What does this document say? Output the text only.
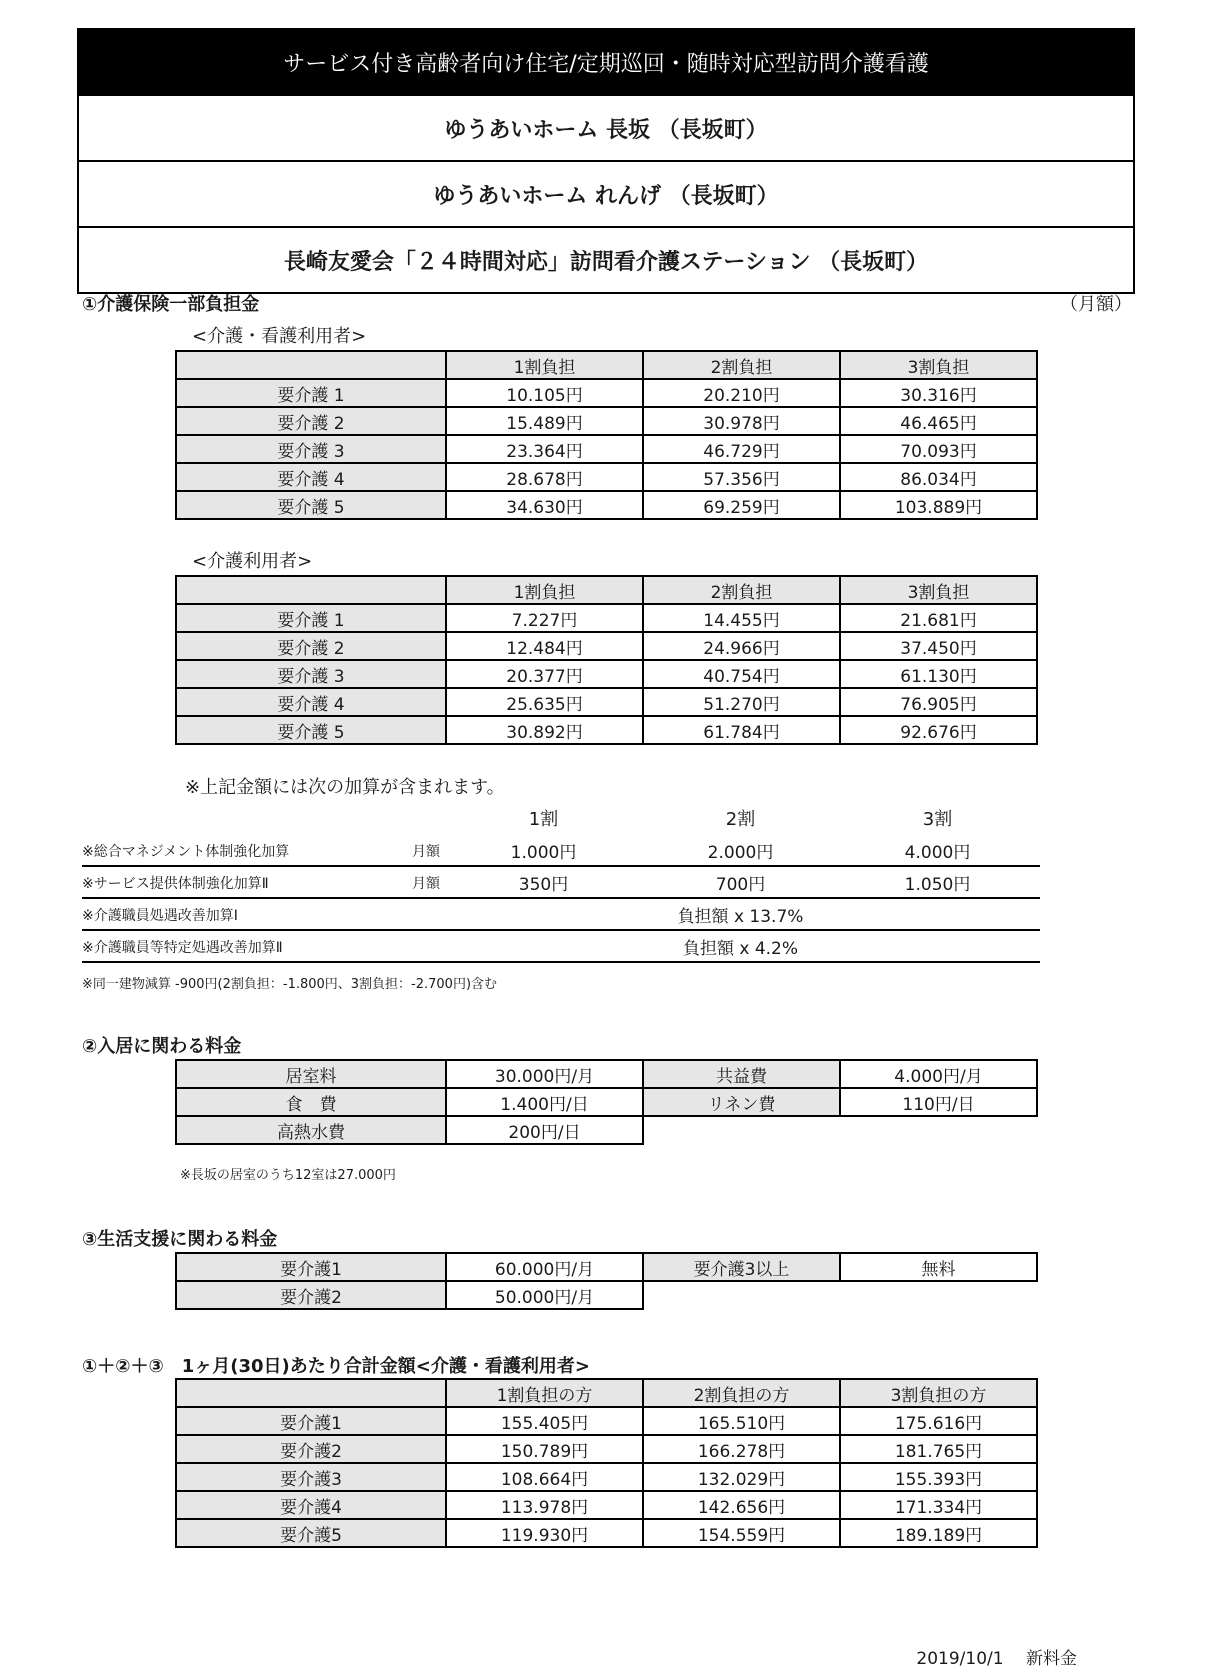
サービス付き高齢者向け住宅/定期巡回・随時対応型訪問介護看護
ゆうあいホーム 長坂 （長坂町）
ゆうあいホーム れんげ （長坂町）
長崎友愛会「２４時間対応」訪問看介護ステーション （長坂町）
①介護保険一部負担金	（月額）
<介護・看護利用者>
	1割負担	2割負担	3割負担
要介護 1	10.105円	20.210円	30.316円
要介護 2	15.489円	30.978円	46.465円
要介護 3	23.364円	46.729円	70.093円
要介護 4	28.678円	57.356円	86.034円
要介護 5	34.630円	69.259円	103.889円
<介護利用者>
	1割負担	2割負担	3割負担
要介護 1	7.227円	14.455円	21.681円
要介護 2	12.484円	24.966円	37.450円
要介護 3	20.377円	40.754円	61.130円
要介護 4	25.635円	51.270円	76.905円
要介護 5	30.892円	61.784円	92.676円
※上記金額には次の加算が含まれます。
1割	2割	3割
※総合マネジメント体制強化加算	月額	1.000円	2.000円	4.000円
※サービス提供体制強化加算Ⅱ	月額	350円	700円	1.050円
※介護職員処遇改善加算Ⅰ	負担額 x 13.7%
※介護職員等特定処遇改善加算Ⅱ	負担額 x 4.2%
※同一建物減算 -900円(2割負担：-1.800円、3割負担：-2.700円)含む
②入居に関わる料金
居室料	30.000円/月	共益費	4.000円/月
食　費	1.400円/日	リネン費	110円/日
高熱水費	200円/日		
※長坂の居室のうち12室は27.000円
③生活支援に関わる料金
要介護1	60.000円/月	要介護3以上	無料
要介護2	50.000円/月		
①＋②＋③　1ヶ月(30日)あたり合計金額<介護・看護利用者>
	1割負担の方	2割負担の方	3割負担の方
要介護1	155.405円	165.510円	175.616円
要介護2	150.789円	166.278円	181.765円
要介護3	108.664円	132.029円	155.393円
要介護4	113.978円	142.656円	171.334円
要介護5	119.930円	154.559円	189.189円
2019/10/1　 新料金
